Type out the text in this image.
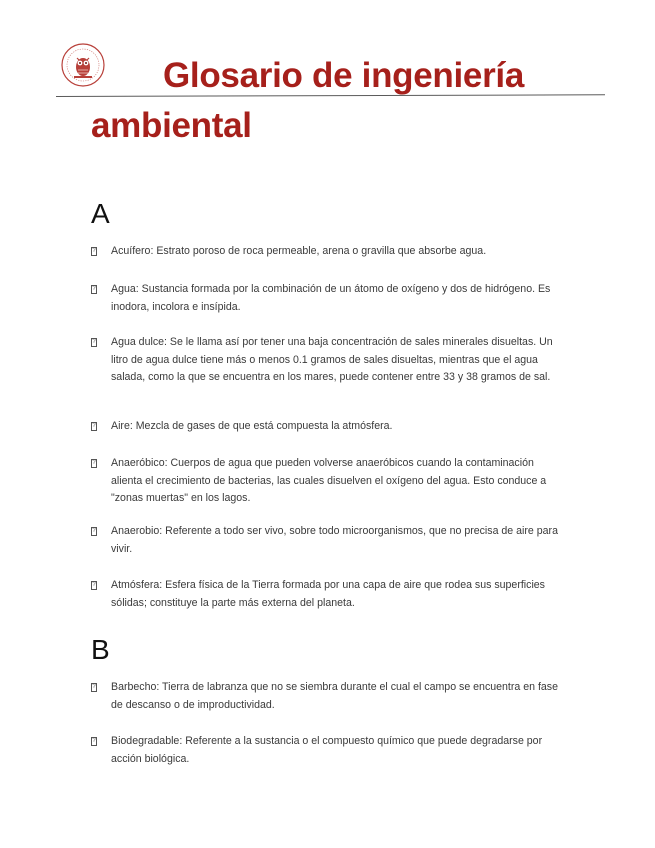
Glosario de ingeniería
ambiental
A
? Acuífero: Estrato poroso de roca permeable, arena o gravilla que absorbe agua.
? Agua: Sustancia formada por la combinación de un átomo de oxígeno y dos de hidrógeno. Es inodora, incolora e insípida.
? Agua dulce: Se le llama así por tener una baja concentración de sales minerales disueltas. Un litro de agua dulce tiene más o menos 0.1 gramos de sales disueltas, mientras que el agua salada, como la que se encuentra en los mares, puede contener entre 33 y 38 gramos de sal.
? Aire: Mezcla de gases de que está compuesta la atmósfera.
? Anaeróbico: Cuerpos de agua que pueden volverse anaeróbicos cuando la contaminación alienta el crecimiento de bacterias, las cuales disuelven el oxígeno del agua. Esto conduce a "zonas muertas" en los lagos.
? Anaerobio: Referente a todo ser vivo, sobre todo microorganismos, que no precisa de aire para vivir.
? Atmósfera: Esfera física de la Tierra formada por una capa de aire que rodea sus superficies sólidas; constituye la parte más externa del planeta.
B
? Barbecho: Tierra de labranza que no se siembra durante el cual el campo se encuentra en fase de descanso o de improductividad.
? Biodegradable: Referente a la sustancia o el compuesto químico que puede degradarse por acción biológica.
